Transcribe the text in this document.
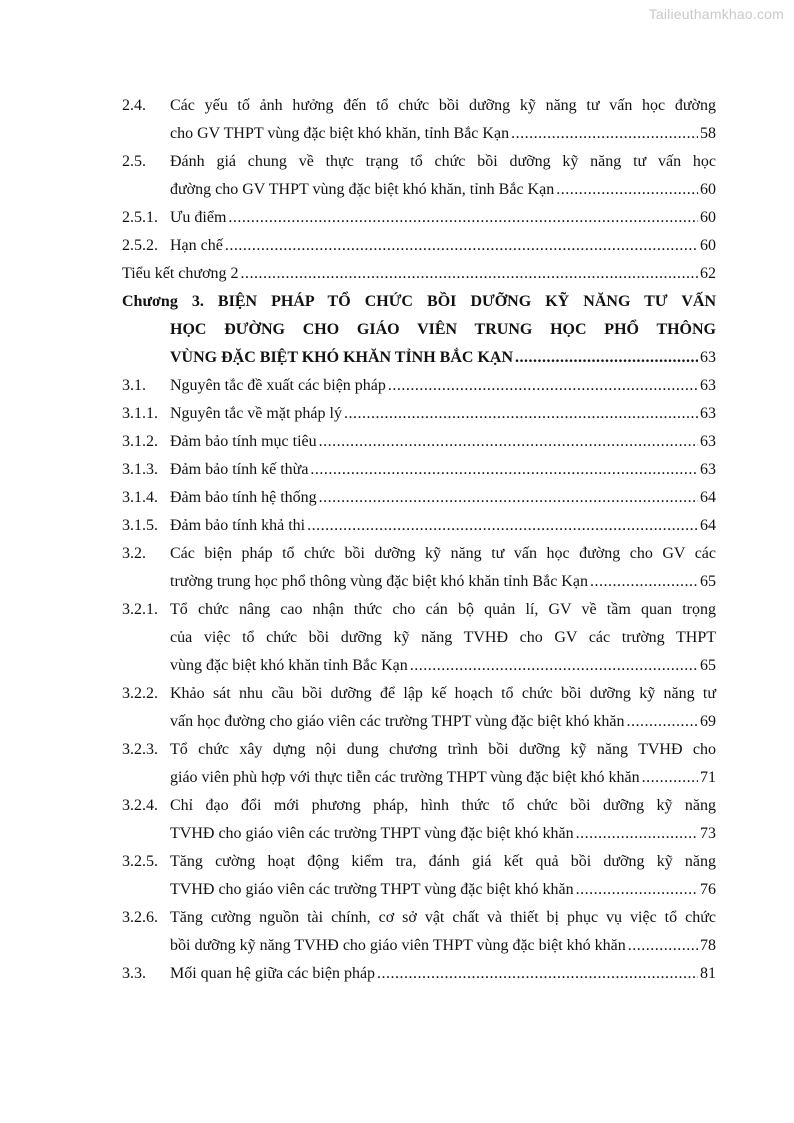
Tailieuthamkhao.com
2.4. Các yếu tố ảnh hưởng đến tổ chức bồi dưỡng kỹ năng tư vấn học đường
cho GV THPT vùng đặc biệt khó khăn, tỉnh Bắc Kạn .....	58
2.5. Đánh giá chung về thực trạng tổ chức bồi dưỡng kỹ năng tư vấn học
đường cho GV THPT vùng đặc biệt khó khăn, tỉnh Bắc Kạn .....	60
2.5.1. Ưu điểm .....	60
2.5.2. Hạn chế .....	60
Tiểu kết chương 2 .....	62
Chương 3. BIỆN PHÁP TỔ CHỨC BỒI DƯỠNG KỸ NĂNG TƯ VẤN
HỌC ĐƯỜNG CHO GIÁO VIÊN TRUNG HỌC PHỔ THÔNG
VÙNG ĐẶC BIỆT KHÓ KHĂN TỈNH BẮC KẠN .....	63
3.1. Nguyên tắc đề xuất các biện pháp .....	63
3.1.1. Nguyên tắc về mặt pháp lý .....	63
3.1.2. Đảm bảo tính mục tiêu .....	63
3.1.3. Đảm bảo tính kế thừa .....	63
3.1.4. Đảm bảo tính hệ thống .....	64
3.1.5. Đảm bảo tính khả thi .....	64
3.2. Các biện pháp tổ chức bồi dưỡng kỹ năng tư vấn học đường cho GV các
trường trung học phổ thông vùng đặc biệt khó khăn tỉnh Bắc Kạn .....	65
3.2.1. Tổ chức nâng cao nhận thức cho cán bộ quản lí, GV về tầm quan trọng
của việc tổ chức bồi dưỡng kỹ năng TVHĐ cho GV các trường THPT
vùng đặc biệt khó khăn tỉnh Bắc Kạn .....	65
3.2.2. Khảo sát nhu cầu bồi dưỡng để lập kế hoạch tổ chức bồi dưỡng kỹ năng tư
vấn học đường cho giáo viên các trường THPT vùng đặc biệt khó khăn .....	69
3.2.3. Tổ chức xây dựng nội dung chương trình bồi dưỡng kỹ năng TVHĐ cho
giáo viên phù hợp với thực tiễn các trường THPT vùng đặc biệt khó khăn .....	71
3.2.4. Chỉ đạo đổi mới phương pháp, hình thức tổ chức bồi dưỡng kỹ năng
TVHĐ cho giáo viên các trường THPT vùng đặc biệt khó khăn .....	73
3.2.5. Tăng cường hoạt động kiểm tra, đánh giá kết quả bồi dưỡng kỹ năng
TVHĐ cho giáo viên các trường THPT vùng đặc biệt khó khăn .....	76
3.2.6. Tăng cường nguồn tài chính, cơ sở vật chất và thiết bị phục vụ việc tổ chức
bồi dưỡng kỹ năng TVHĐ cho giáo viên THPT vùng đặc biệt khó khăn .....	78
3.3. Mối quan hệ giữa các biện pháp .....	81
